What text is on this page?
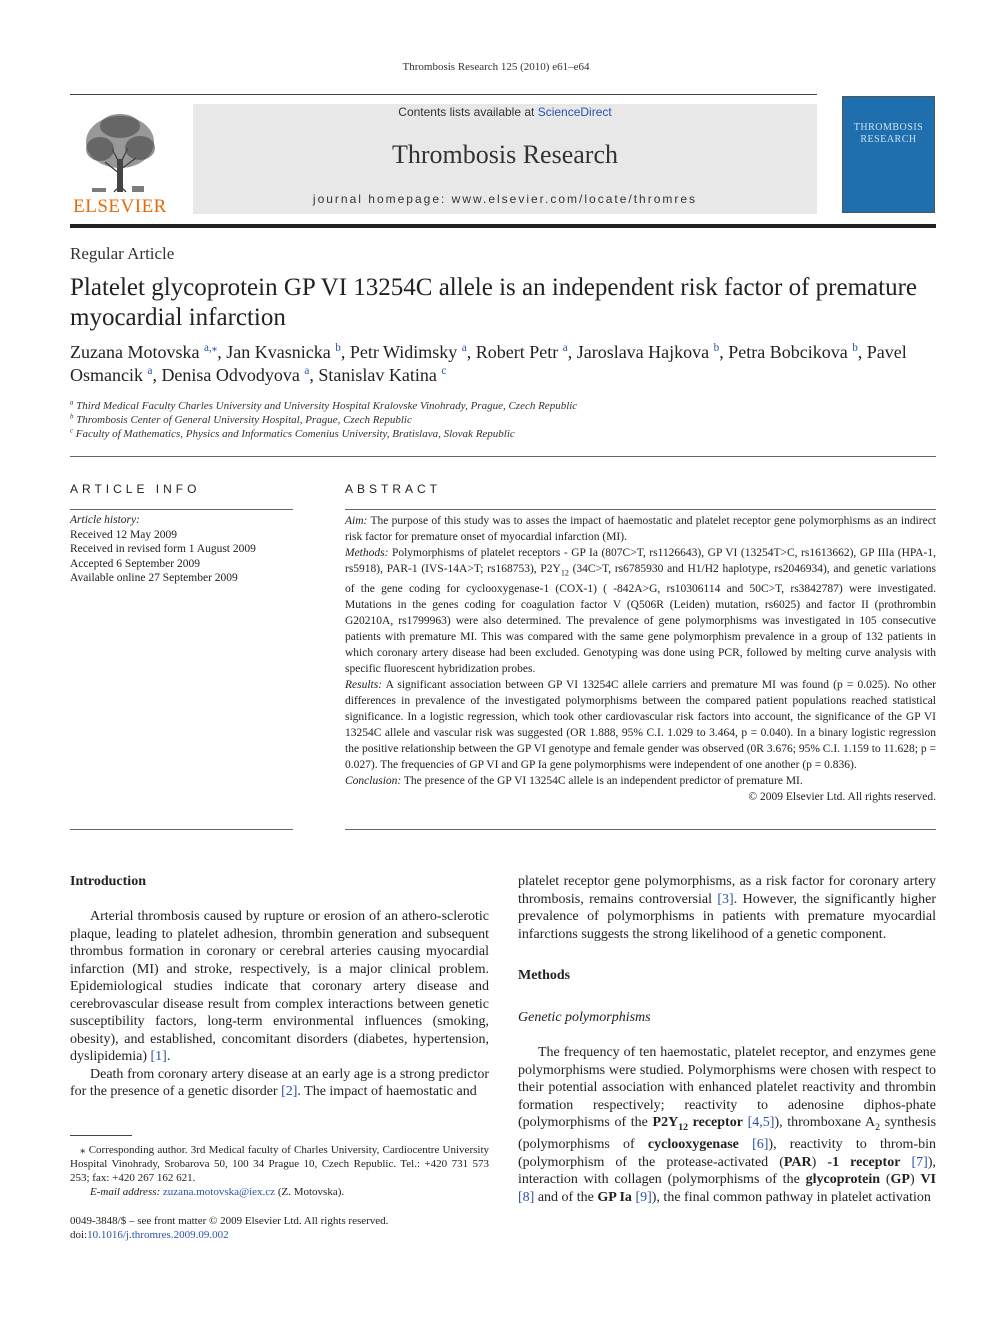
Thrombosis Research 125 (2010) e61–e64
ELSEVIER
Contents lists available at ScienceDirect
Thrombosis Research
journal homepage: www.elsevier.com/locate/thromres
THROMBOSIS
RESEARCH
Regular Article
Platelet glycoprotein GP VI 13254C allele is an independent risk factor of premature myocardial infarction
Zuzana Motovska $^{a,⁎}$, Jan Kvasnicka $^b$, Petr Widimsky $^a$, Robert Petr $^a$, Jaroslava Hajkova $^b$, Petra Bobcikova $^b$, Pavel Osmancik $^a$, Denisa Odvodyova $^a$, Stanislav Katina $^c$
$^a$ Third Medical Faculty Charles University and University Hospital Kralovske Vinohrady, Prague, Czech Republic
$^b$ Thrombosis Center of General University Hospital, Prague, Czech Republic
$^c$ Faculty of Mathematics, Physics and Informatics Comenius University, Bratislava, Slovak Republic
ARTICLE INFO	ABSTRACT
Article history:
Received 12 May 2009
Received in revised form 1 August 2009
Accepted 6 September 2009
Available online 27 September 2009

Aim: The purpose of this study was to asses the impact of haemostatic and platelet receptor gene polymorphisms as an indirect risk factor for premature onset of myocardial infarction (MI).

Methods: Polymorphisms of platelet receptors - GP Ia (807C>T, rs1126643), GP VI (13254T>C, rs1613662), GP IIIa (HPA-1, rs5918), PAR-1 (IVS-14A>T; rs168753), $P2Y_{12}$ (34C>T, rs6785930 and H1/H2 haplotype, rs2046934), and genetic variations of the gene coding for cyclooxygenase-1 (COX-1) ( -842A>G, rs10306114 and 50C>T, rs3842787) were investigated. Mutations in the genes coding for coagulation factor V (Q506R (Leiden) mutation, rs6025) and factor II (prothrombin G20210A, rs1799963) were also determined. The prevalence of gene polymorphisms was investigated in 105 consecutive patients with premature MI. This was compared with the same gene polymorphism prevalence in a group of 132 patients in which coronary artery disease had been excluded. Genotyping was done using PCR, followed by melting curve analysis with specific fluorescent hybridization probes.

Results: A significant association between GP VI 13254C allele carriers and premature MI was found (p = 0.025). No other differences in prevalence of the investigated polymorphisms between the compared patient populations reached statistical significance. In a logistic regression, which took other cardiovascular risk factors into account, the significance of the GP VI 13254C allele and vascular risk was suggested (OR 1.888, 95% C.I. 1.029 to 3.464, p = 0.040). In a binary logistic regression the positive relationship between the GP VI genotype and female gender was observed (0R 3.676; 95% C.I. 1.159 to 11.628; p = 0.027). The frequencies of GP VI and GP Ia gene polymorphisms were independent of one another (p = 0.836).

Conclusion: The presence of the GP VI 13254C allele is an independent predictor of premature MI.

© 2009 Elsevier Ltd. All rights reserved.

Introduction

Arterial thrombosis caused by rupture or erosion of an athero-sclerotic plaque, leading to platelet adhesion, thrombin generation and subsequent thrombus formation in coronary or cerebral arteries causing myocardial infarction (MI) and stroke, respectively, is a major clinical problem. Epidemiological studies indicate that coronary artery disease and cerebrovascular disease result from complex interactions between genetic susceptibility factors, long-term environmental influences (smoking, obesity), and established, concomitant disorders (diabetes, hypertension, dyslipidemia) [1].

Death from coronary artery disease at an early age is a strong predictor for the presence of a genetic disorder [2]. The impact of haemostatic and

⁎ Corresponding author. 3rd Medical faculty of Charles University, Cardiocentre University Hospital Vinohrady, Srobarova 50, 100 34 Prague 10, Czech Republic. Tel.: +420 731 573 253; fax: +420 267 162 621.
E-mail address: zuzana.motovska@iex.cz (Z. Motovska).
0049-3848/$ – see front matter © 2009 Elsevier Ltd. All rights reserved.
doi:10.1016/j.thromres.2009.09.002

platelet receptor gene polymorphisms, as a risk factor for coronary artery thrombosis, remains controversial [3]. However, the significantly higher prevalence of polymorphisms in patients with premature myocardial infarctions suggests the strong likelihood of a genetic component.

Methods
Genetic polymorphisms

The frequency of ten haemostatic, platelet receptor, and enzymes gene polymorphisms were studied. Polymorphisms were chosen with respect to their potential association with enhanced platelet reactivity and thrombin formation respectively; reactivity to adenosine diphos-phate (polymorphisms of the $P2Y_{12}$ receptor [4,5]), thromboxane $A_2$ synthesis (polymorphisms of cyclooxygenase [6]), reactivity to throm-bin (polymorphism of the protease-activated (PAR) -1 receptor [7]), interaction with collagen (polymorphisms of the glycoprotein (GP) VI [8] and of the GP Ia [9]), the final common pathway in platelet activation
